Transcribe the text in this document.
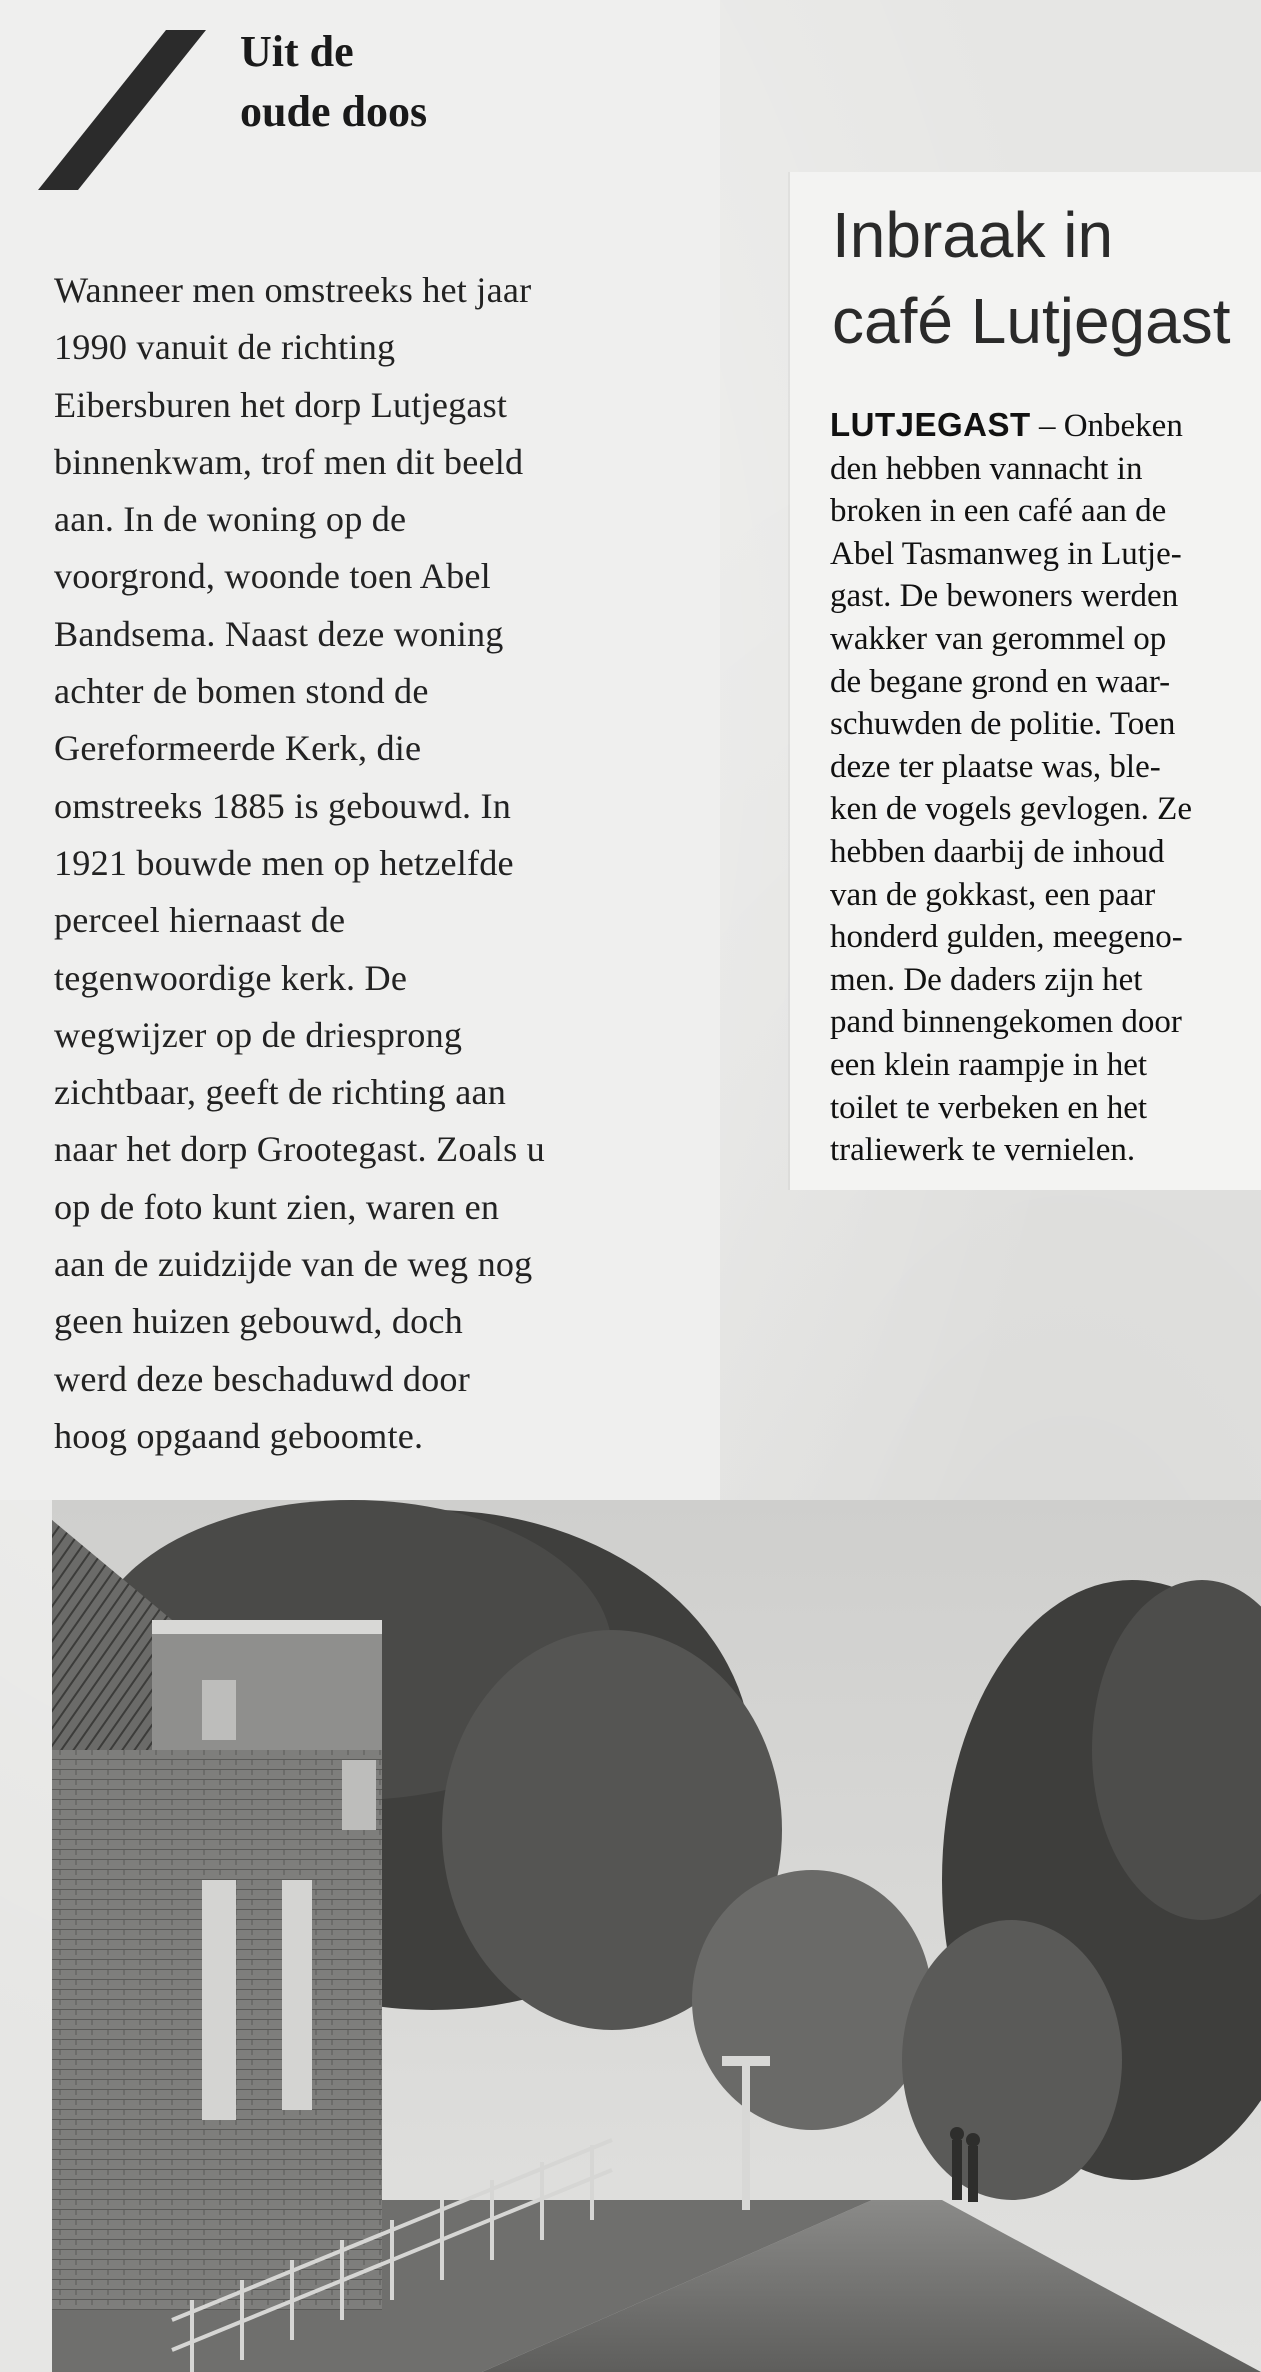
Uit de
oude doos
Wanneer men omstreeks het jaar
1990 vanuit de richting
Eibersburen het dorp Lutjegast
binnenkwam, trof men dit beeld
aan. In de woning op de
voorgrond, woonde toen Abel
Bandsema. Naast deze woning
achter de bomen stond de
Gereformeerde Kerk, die
omstreeks 1885 is gebouwd. In
1921 bouwde men op hetzelfde
perceel hiernaast de
tegenwoordige kerk. De
wegwijzer op de driesprong
zichtbaar, geeft de richting aan
naar het dorp Grootegast. Zoals u
op de foto kunt zien, waren en
aan de zuidzijde van de weg nog
geen huizen gebouwd, doch
werd deze beschaduwd door
hoog opgaand geboomte.
Inbraak in
café Lutjegast
LUTJEGAST – Onbeken
den hebben vannacht in
broken in een café aan de
Abel Tasmanweg in Lutje-
gast. De bewoners werden
wakker van gerommel op
de begane grond en waar-
schuwden de politie. Toen
deze ter plaatse was, ble-
ken de vogels gevlogen. Ze
hebben daarbij de inhoud
van de gokkast, een paar
honderd gulden, meegeno-
men. De daders zijn het
pand binnengekomen door
een klein raampje in het
toilet te verbeken en het
traliewerk te vernielen.
